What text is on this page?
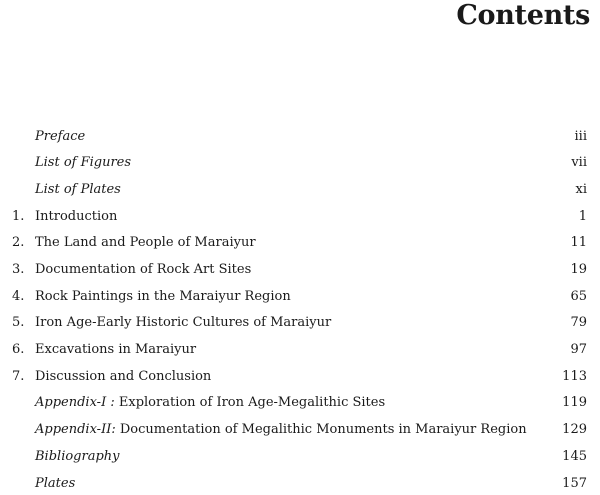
Contents
Preface	iii
List of Figures	vii
List of Plates	xi
1. Introduction	1
2. The Land and People of Maraiyur	11
3. Documentation of Rock Art Sites	19
4. Rock Paintings in the Maraiyur Region	65
5. Iron Age-Early Historic Cultures of Maraiyur	79
6. Excavations in Maraiyur	97
7. Discussion and Conclusion	113
Appendix-I : Exploration of Iron Age-Megalithic Sites	119
Appendix-II: Documentation of Megalithic Monuments in Maraiyur Region	129
Bibliography	145
Plates	157
